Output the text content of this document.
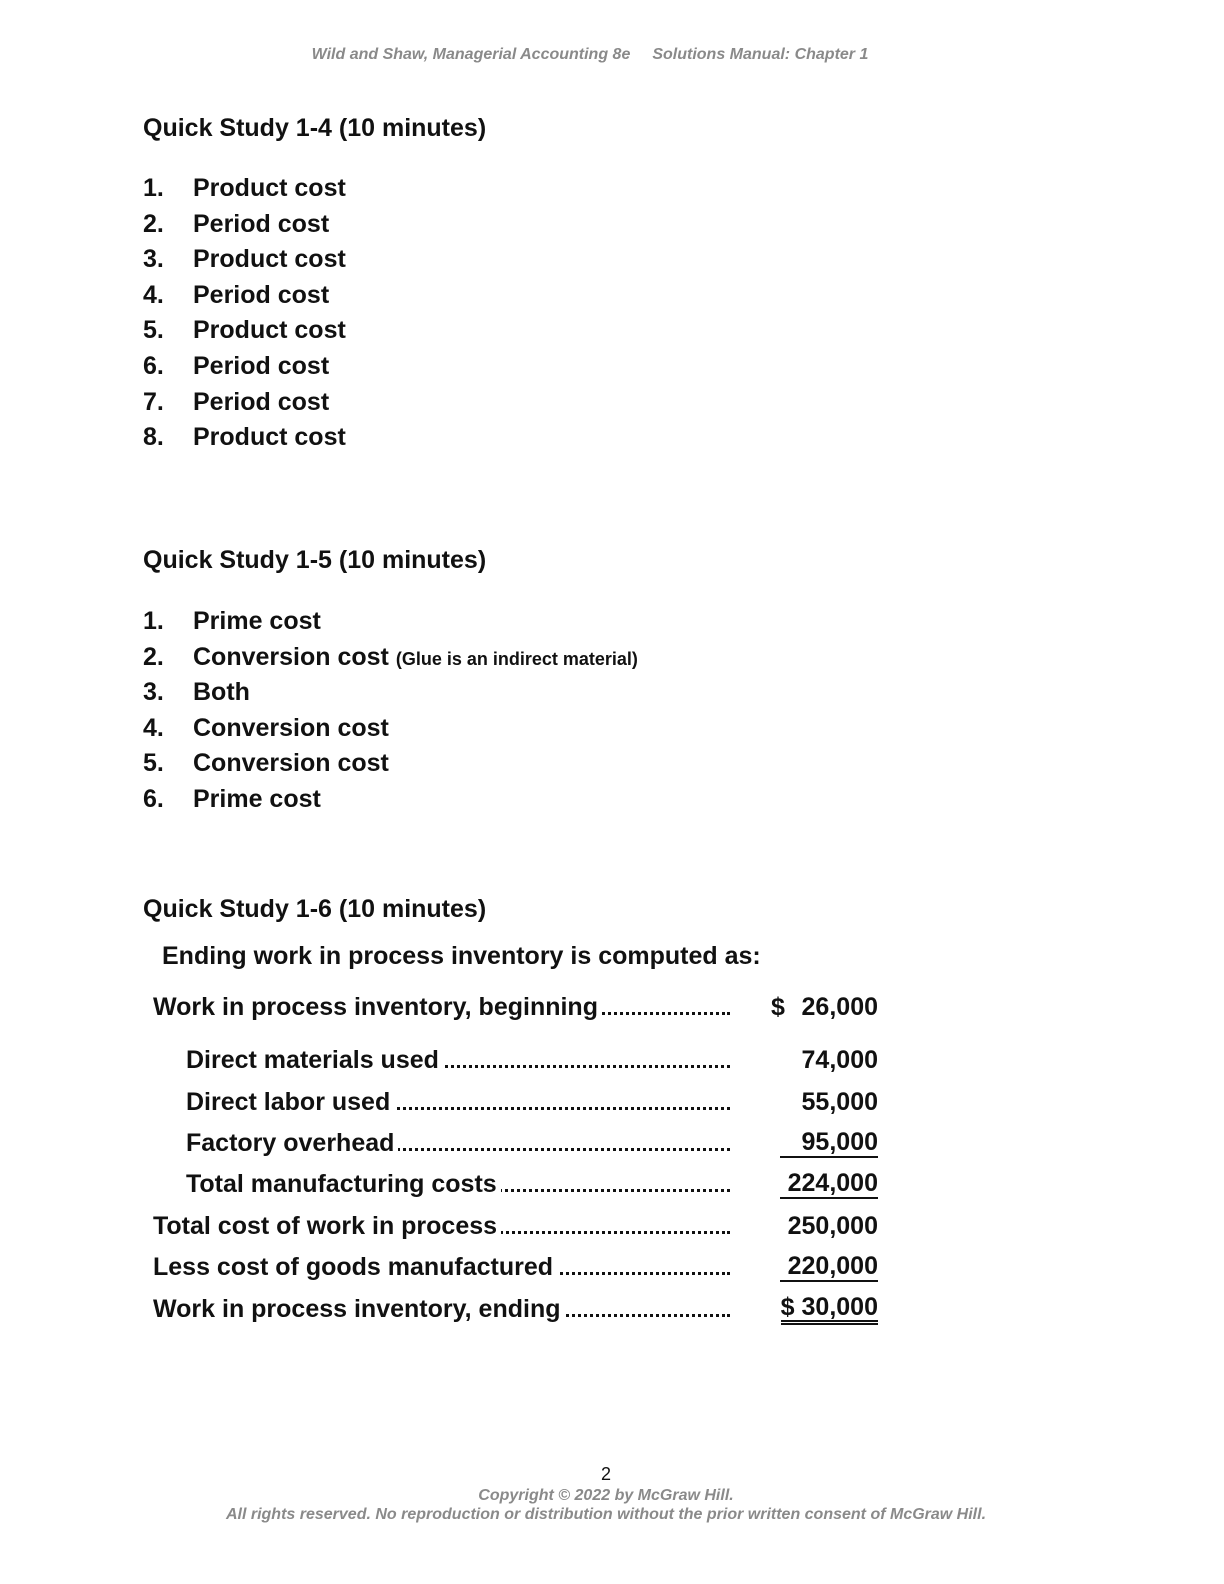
Wild and Shaw, Managerial Accounting 8e Solutions Manual: Chapter 1
Quick Study 1-4 (10 minutes)
1. Product cost
2. Period cost
3. Product cost
4. Period cost
5. Product cost
6. Period cost
7. Period cost
8. Product cost
Quick Study 1-5 (10 minutes)
1. Prime cost
2. Conversion cost (Glue is an indirect material)
3. Both
4. Conversion cost
5. Conversion cost
6. Prime cost
Quick Study 1-6 (10 minutes)
Ending work in process inventory is computed as:
Work in process inventory, beginning	$ 26,000
Direct materials used	74,000
Direct labor used	55,000
Factory overhead	95,000
Total manufacturing costs	224,000
Total cost of work in process	250,000
Less cost of goods manufactured	220,000
Work in process inventory, ending	$ 30,000
2
Copyright © 2022 by McGraw Hill.
All rights reserved. No reproduction or distribution without the prior written consent of McGraw Hill.
